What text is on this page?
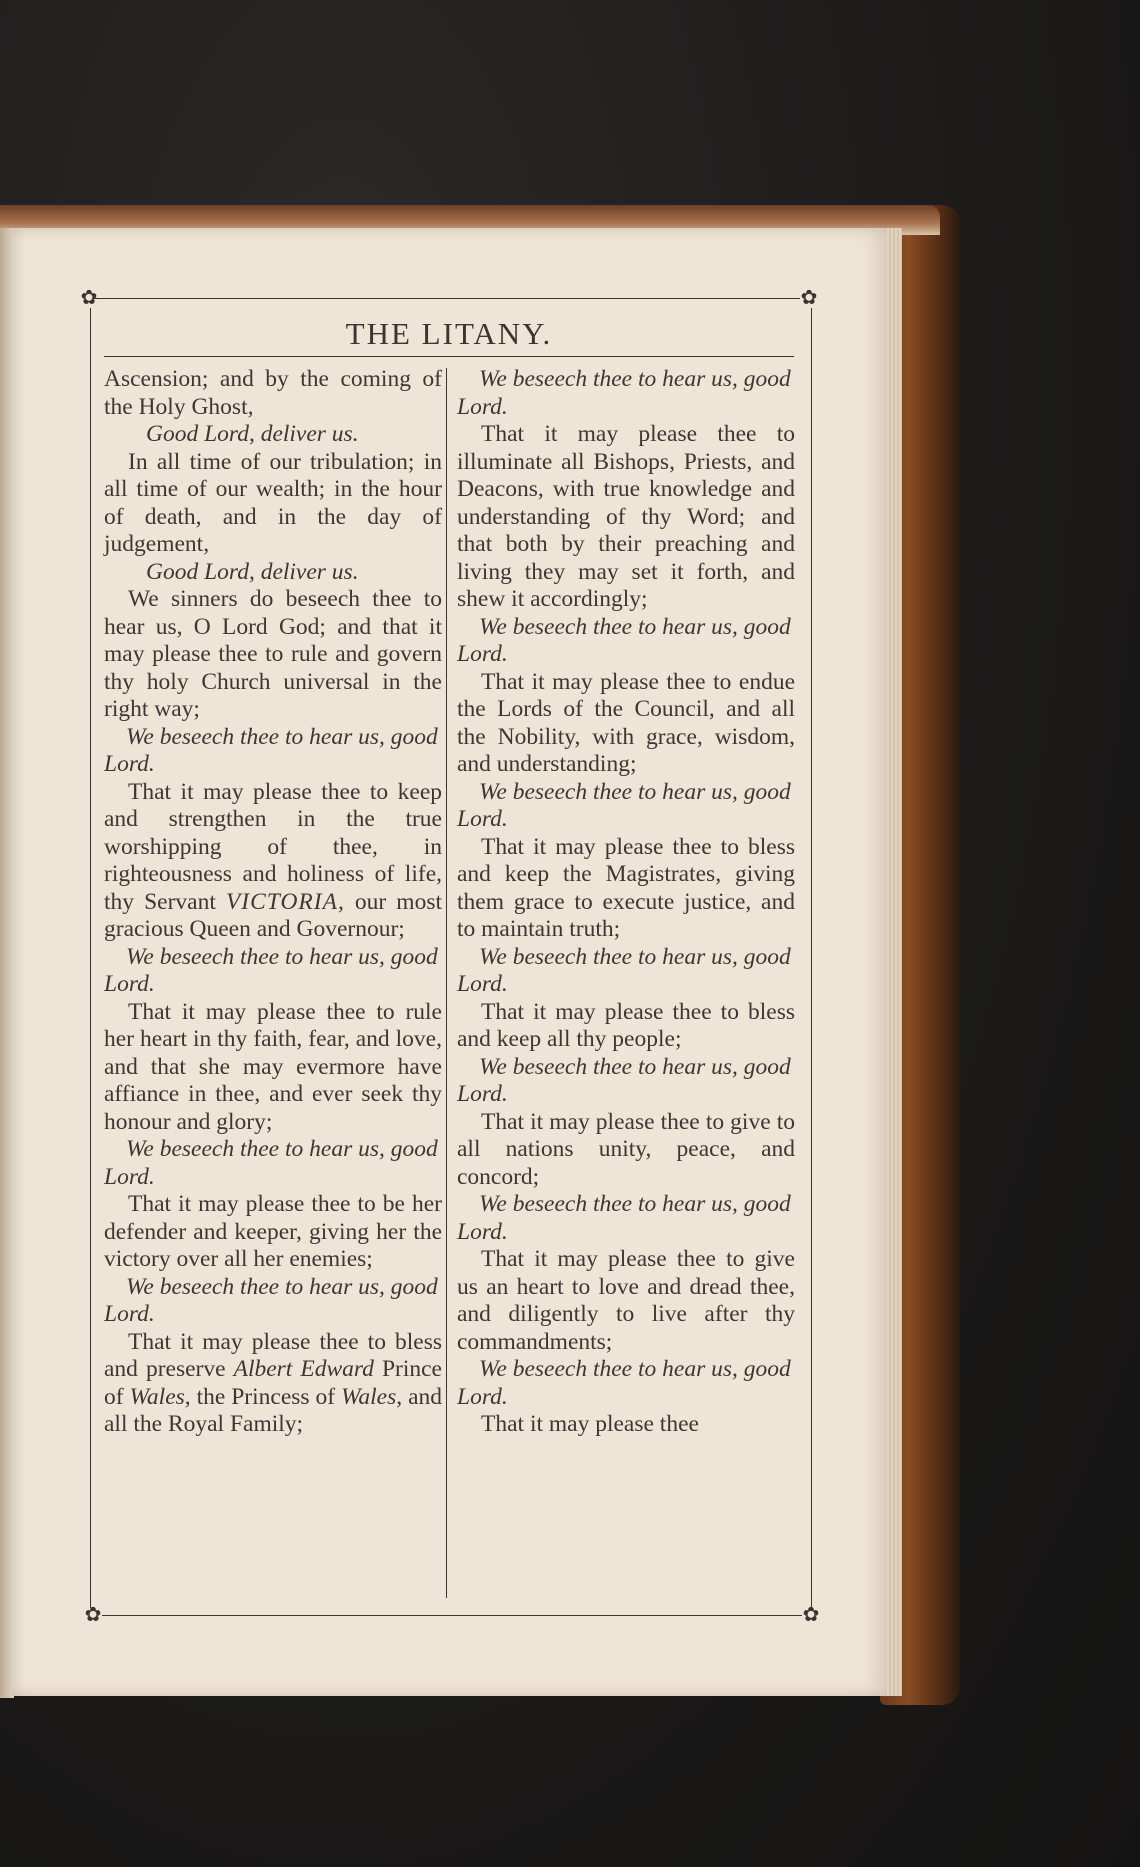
✿	✿
✿	✿
THE LITANY.

Ascension; and by the coming of the Holy Ghost,

Good Lord, deliver us.

In all time of our tribulation; in all time of our wealth; in the hour of death, and in the day of judgement,

Good Lord, deliver us.

We sinners do beseech thee to hear us, O Lord God; and that it may please thee to rule and govern thy holy Church universal in the right way;

We beseech thee to hear us, good Lord.

That it may please thee to keep and strengthen in the true worshipping of thee, in righteousness and holiness of life, thy Servant VICTORIA, our most gracious Queen and Governour;

We beseech thee to hear us, good Lord.

That it may please thee to rule her heart in thy faith, fear, and love, and that she may evermore have affiance in thee, and ever seek thy honour and glory;

We beseech thee to hear us, good Lord.

That it may please thee to be her defender and keeper, giving her the victory over all her enemies;

We beseech thee to hear us, good Lord.

That it may please thee to bless and preserve Albert Edward Prince of Wales, the Princess of Wales, and all the Royal Family;

We beseech thee to hear us, good Lord.

That it may please thee to illuminate all Bishops, Priests, and Deacons, with true knowledge and understanding of thy Word; and that both by their preaching and living they may set it forth, and shew it accordingly;

We beseech thee to hear us, good Lord.

That it may please thee to endue the Lords of the Council, and all the Nobility, with grace, wisdom, and understanding;

We beseech thee to hear us, good Lord.

That it may please thee to bless and keep the Magistrates, giving them grace to execute justice, and to maintain truth;

We beseech thee to hear us, good Lord.

That it may please thee to bless and keep all thy people;

We beseech thee to hear us, good Lord.

That it may please thee to give to all nations unity, peace, and concord;

We beseech thee to hear us, good Lord.

That it may please thee to give us an heart to love and dread thee, and diligently to live after thy commandments;

We beseech thee to hear us, good Lord.

That it may please thee
